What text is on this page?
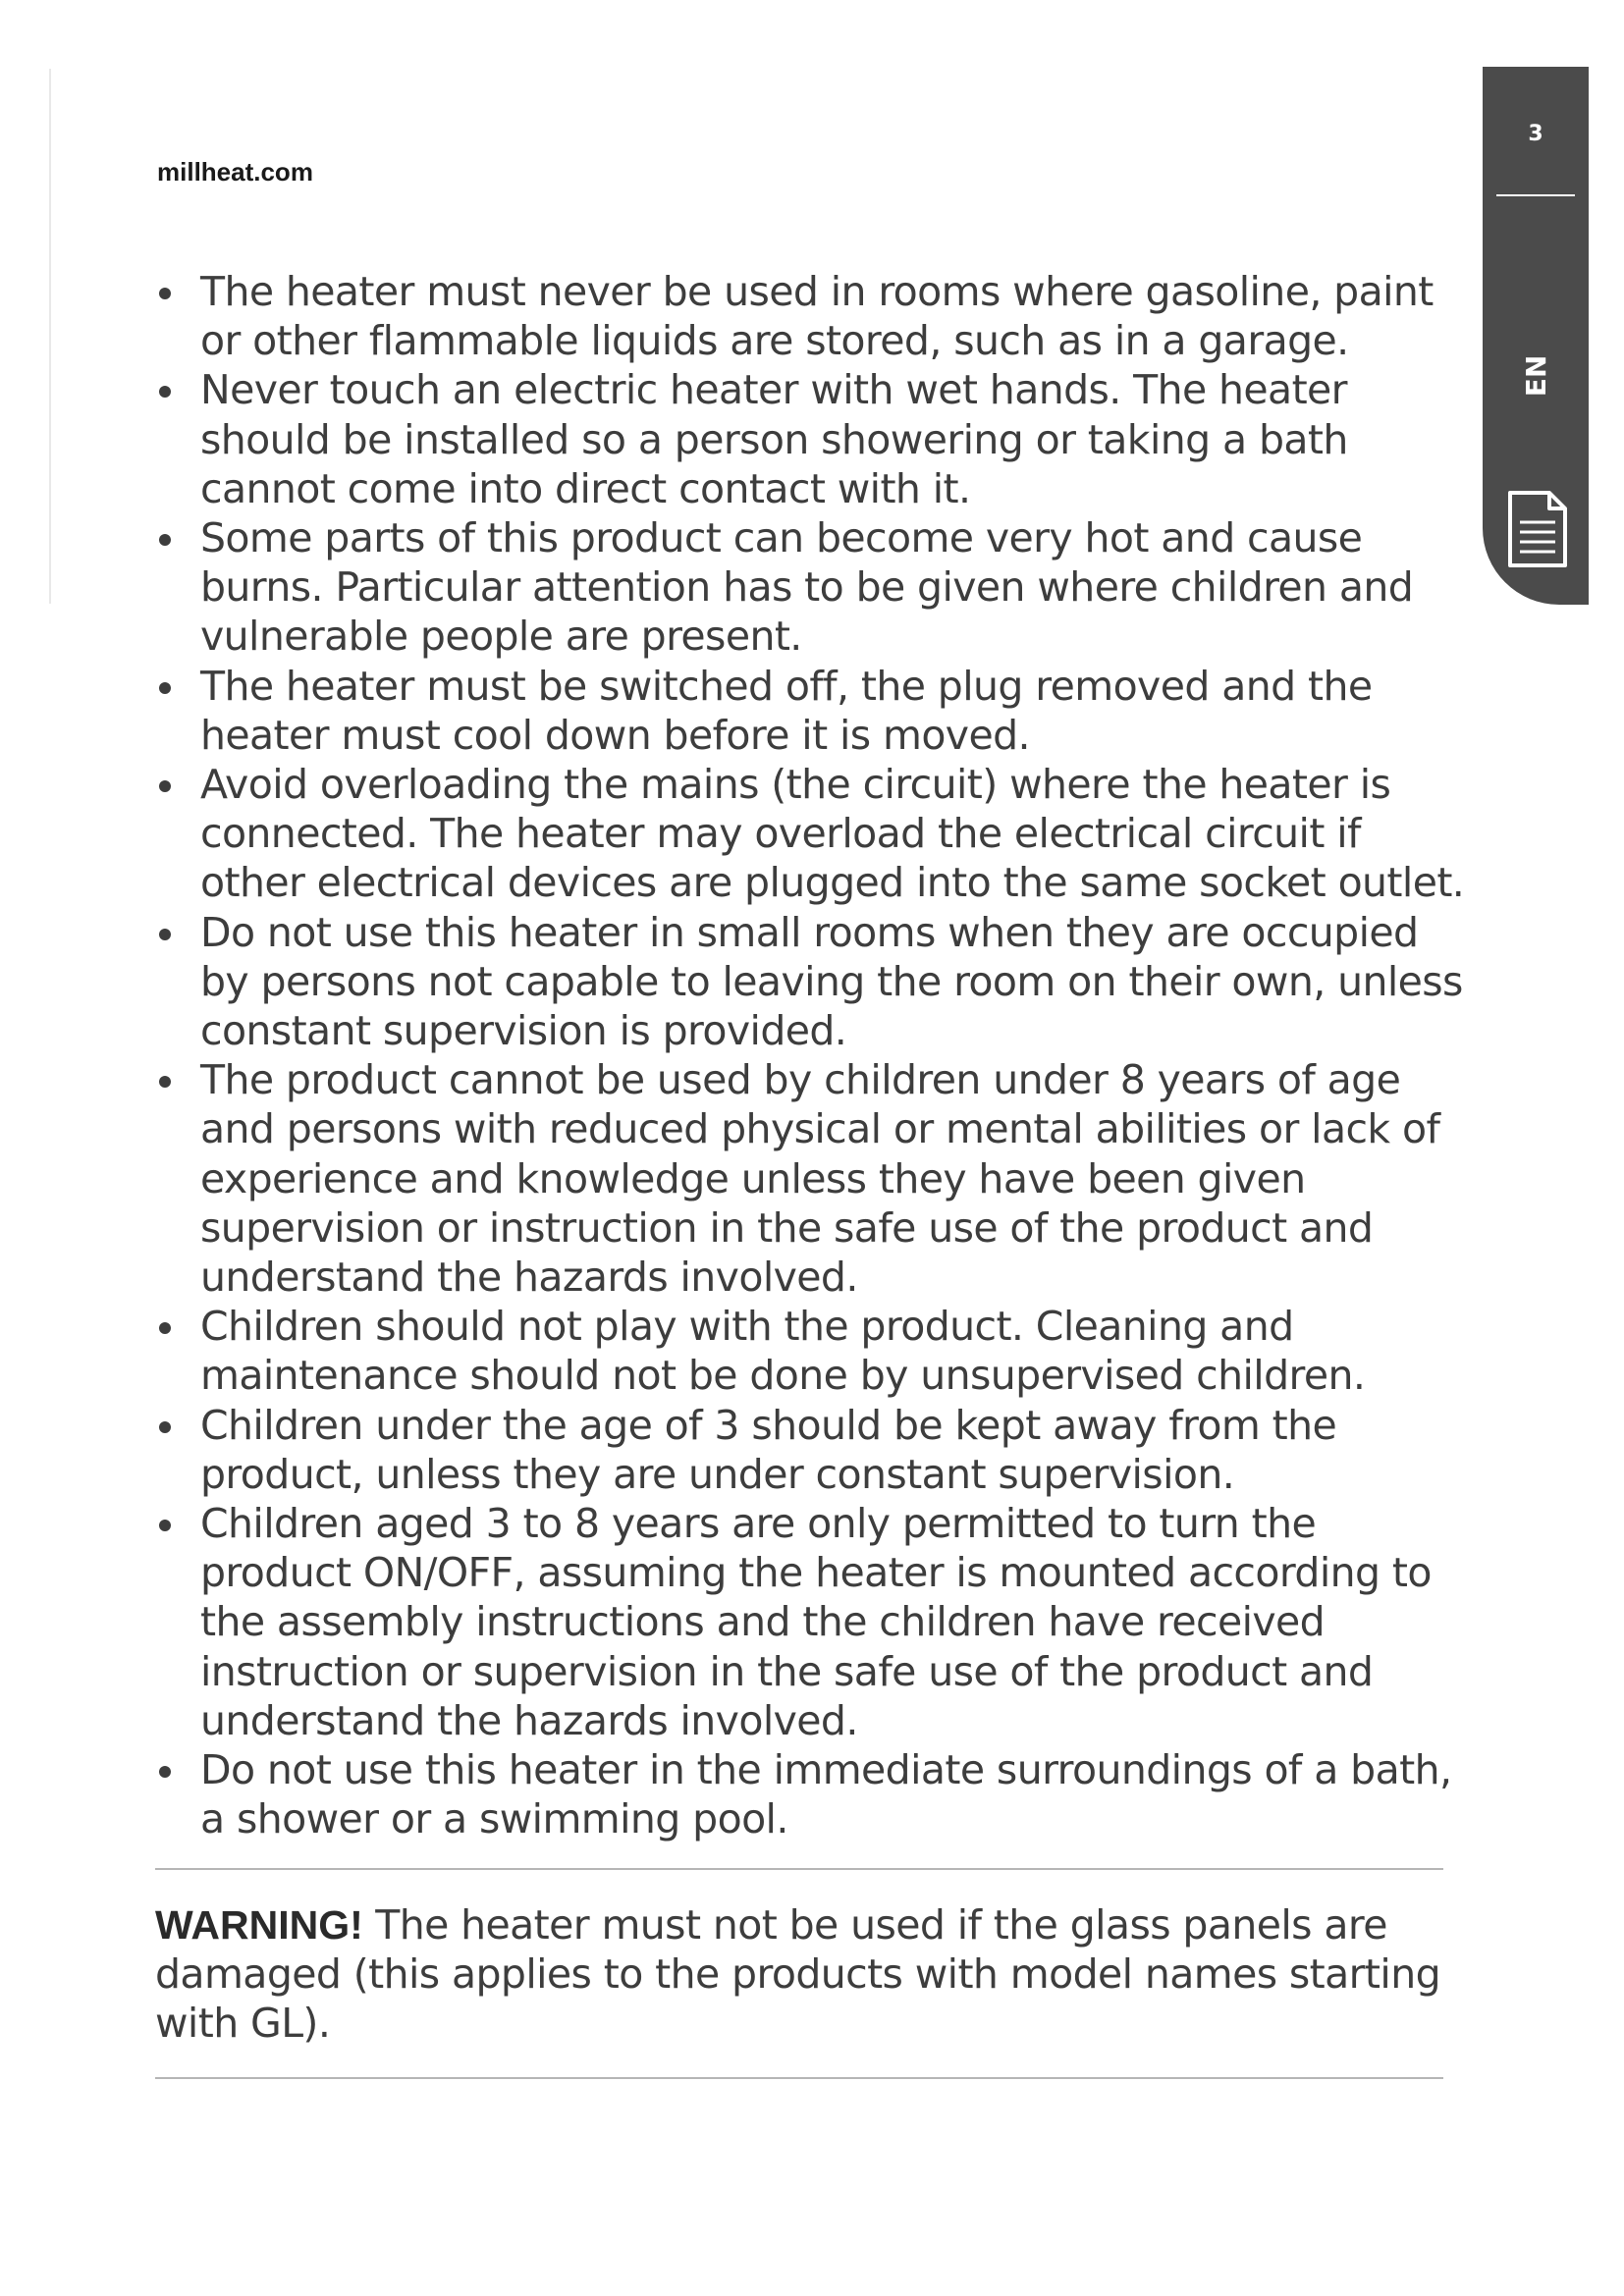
millheat.com
3
EN
The heater must never be used in rooms where gasoline, paint or other flammable liquids are stored, such as in a garage.
Never touch an electric heater with wet hands. The heater should be installed so a person showering or taking a bath cannot come into direct contact with it.
Some parts of this product can become very hot and cause burns. Particular attention has to be given where children and vulnerable people are present.
The heater must be switched off, the plug removed and the heater must cool down before it is moved.
Avoid overloading the mains (the circuit) where the heater is connected. The heater may overload the electrical circuit if other electrical devices are plugged into the same socket outlet.
Do not use this heater in small rooms when they are occupied by persons not capable to leaving the room on their own, unless constant supervision is provided.
The product cannot be used by children under 8 years of age and persons with reduced physical or mental abilities or lack of experience and knowledge unless they have been given supervision or instruction in the safe use of the product and understand the hazards involved.
Children should not play with the product. Cleaning and maintenance should not be done by unsupervised children.
Children under the age of 3 should be kept away from the product, unless they are under constant supervision.
Children aged 3 to 8 years are only permitted to turn the product ON/OFF, assuming the heater is mounted according to the assembly instructions and the children have received instruction or supervision in the safe use of the product and understand the hazards involved.
Do not use this heater in the immediate surroundings of a bath, a shower or a swimming pool.

WARNING! The heater must not be used if the glass panels are damaged (this applies to the products with model names starting with GL).
